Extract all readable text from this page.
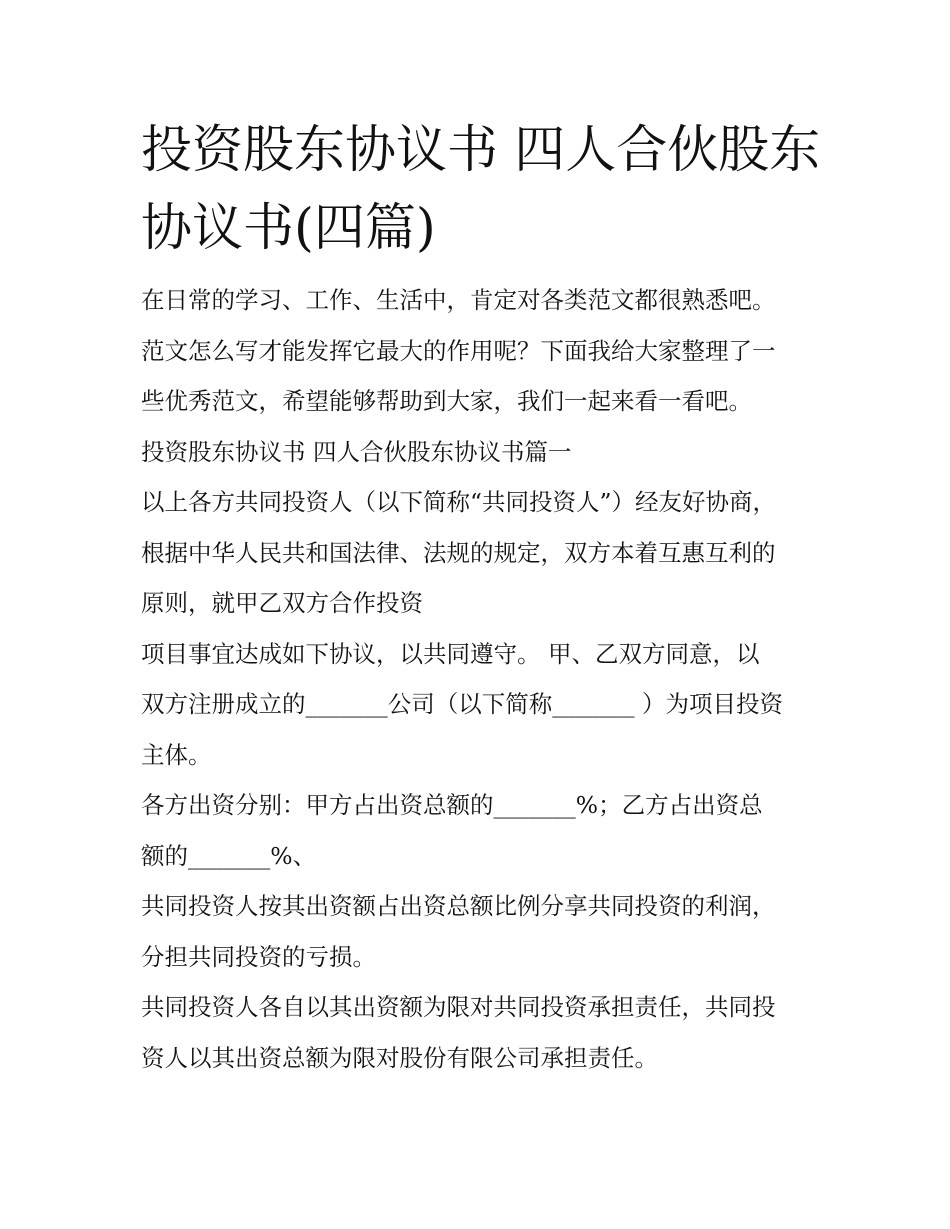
投资股东协议书 四人合伙股东
协议书(四篇)
在日常的学习、工作、生活中，肯定对各类范文都很熟悉吧。
范文怎么写才能发挥它最大的作用呢？下面我给大家整理了一
些优秀范文，希望能够帮助到大家，我们一起来看一看吧。
投资股东协议书 四人合伙股东协议书篇一
以上各方共同投资人（以下简称“共同投资人”）经友好协商，
根据中华人民共和国法律、法规的规定，双方本着互惠互利的
原则，就甲乙双方合作投资
项目事宜达成如下协议，以共同遵守。 甲、乙双方同意，以
双方注册成立的_______公司（以下简称_______ ）为项目投资
主体。
各方出资分别：甲方占出资总额的_______%；乙方占出资总
额的_______%、
共同投资人按其出资额占出资总额比例分享共同投资的利润，
分担共同投资的亏损。
共同投资人各自以其出资额为限对共同投资承担责任，共同投
资人以其出资总额为限对股份有限公司承担责任。
